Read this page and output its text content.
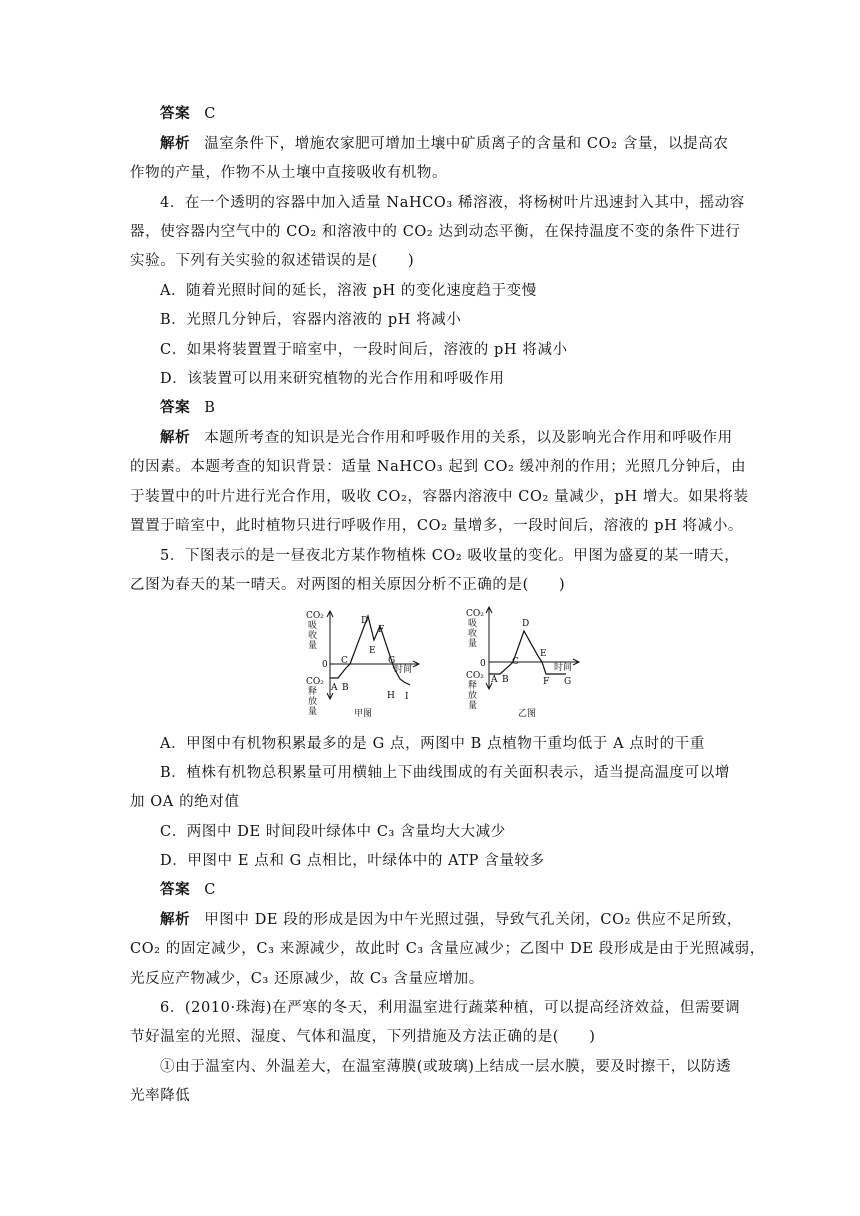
答案 C
解析 温室条件下，增施农家肥可增加土壤中矿质离子的含量和 CO₂ 含量，以提高农
作物的产量，作物不从土壤中直接吸收有机物。
4．在一个透明的容器中加入适量 NaHCO₃ 稀溶液，将杨树叶片迅速封入其中，摇动容
器，使容器内空气中的 CO₂ 和溶液中的 CO₂ 达到动态平衡，在保持温度不变的条件下进行
实验。下列有关实验的叙述错误的是(　　)
A．随着光照时间的延长，溶液 pH 的变化速度趋于变慢
B．光照几分钟后，容器内溶液的 pH 将减小
C．如果将装置置于暗室中，一段时间后，溶液的 pH 将减小
D．该装置可以用来研究植物的光合作用和呼吸作用
答案 B
解析 本题所考查的知识是光合作用和呼吸作用的关系，以及影响光合作用和呼吸作用
的因素。本题考查的知识背景：适量 NaHCO₃ 起到 CO₂ 缓冲剂的作用；光照几分钟后，由
于装置中的叶片进行光合作用，吸收 CO₂，容器内溶液中 CO₂ 量减少，pH 增大。如果将装
置置于暗室中，此时植物只进行呼吸作用，CO₂ 量增多，一段时间后，溶液的 pH 将减小。
5．下图表示的是一昼夜北方某作物植株 CO₂ 吸收量的变化。甲图为盛夏的某一晴天，
乙图为春天的某一晴天。对两图的相关原因分析不正确的是(　　)
CO₂
吸
收
量
0
CO₂
释
放
量
时间
甲图
A B
C
D
E
F
G
H I
CO₂
吸
收
量
0
CO₂
释
放
量
时间
乙图
A B
C
D
E
F G
A．甲图中有机物积累最多的是 G 点，两图中 B 点植物干重均低于 A 点时的干重
B．植株有机物总积累量可用横轴上下曲线围成的有关面积表示，适当提高温度可以增
加 OA 的绝对值
C．两图中 DE 时间段叶绿体中 C₃ 含量均大大减少
D．甲图中 E 点和 G 点相比，叶绿体中的 ATP 含量较多
答案 C
解析 甲图中 DE 段的形成是因为中午光照过强，导致气孔关闭，CO₂ 供应不足所致，
CO₂ 的固定减少，C₃ 来源减少，故此时 C₃ 含量应减少；乙图中 DE 段形成是由于光照减弱，
光反应产物减少，C₃ 还原减少，故 C₃ 含量应增加。
6．(2010·珠海)在严寒的冬天，利用温室进行蔬菜种植，可以提高经济效益，但需要调
节好温室的光照、湿度、气体和温度，下列措施及方法正确的是(　　)
①由于温室内、外温差大，在温室薄膜(或玻璃)上结成一层水膜，要及时擦干，以防透
光率降低
